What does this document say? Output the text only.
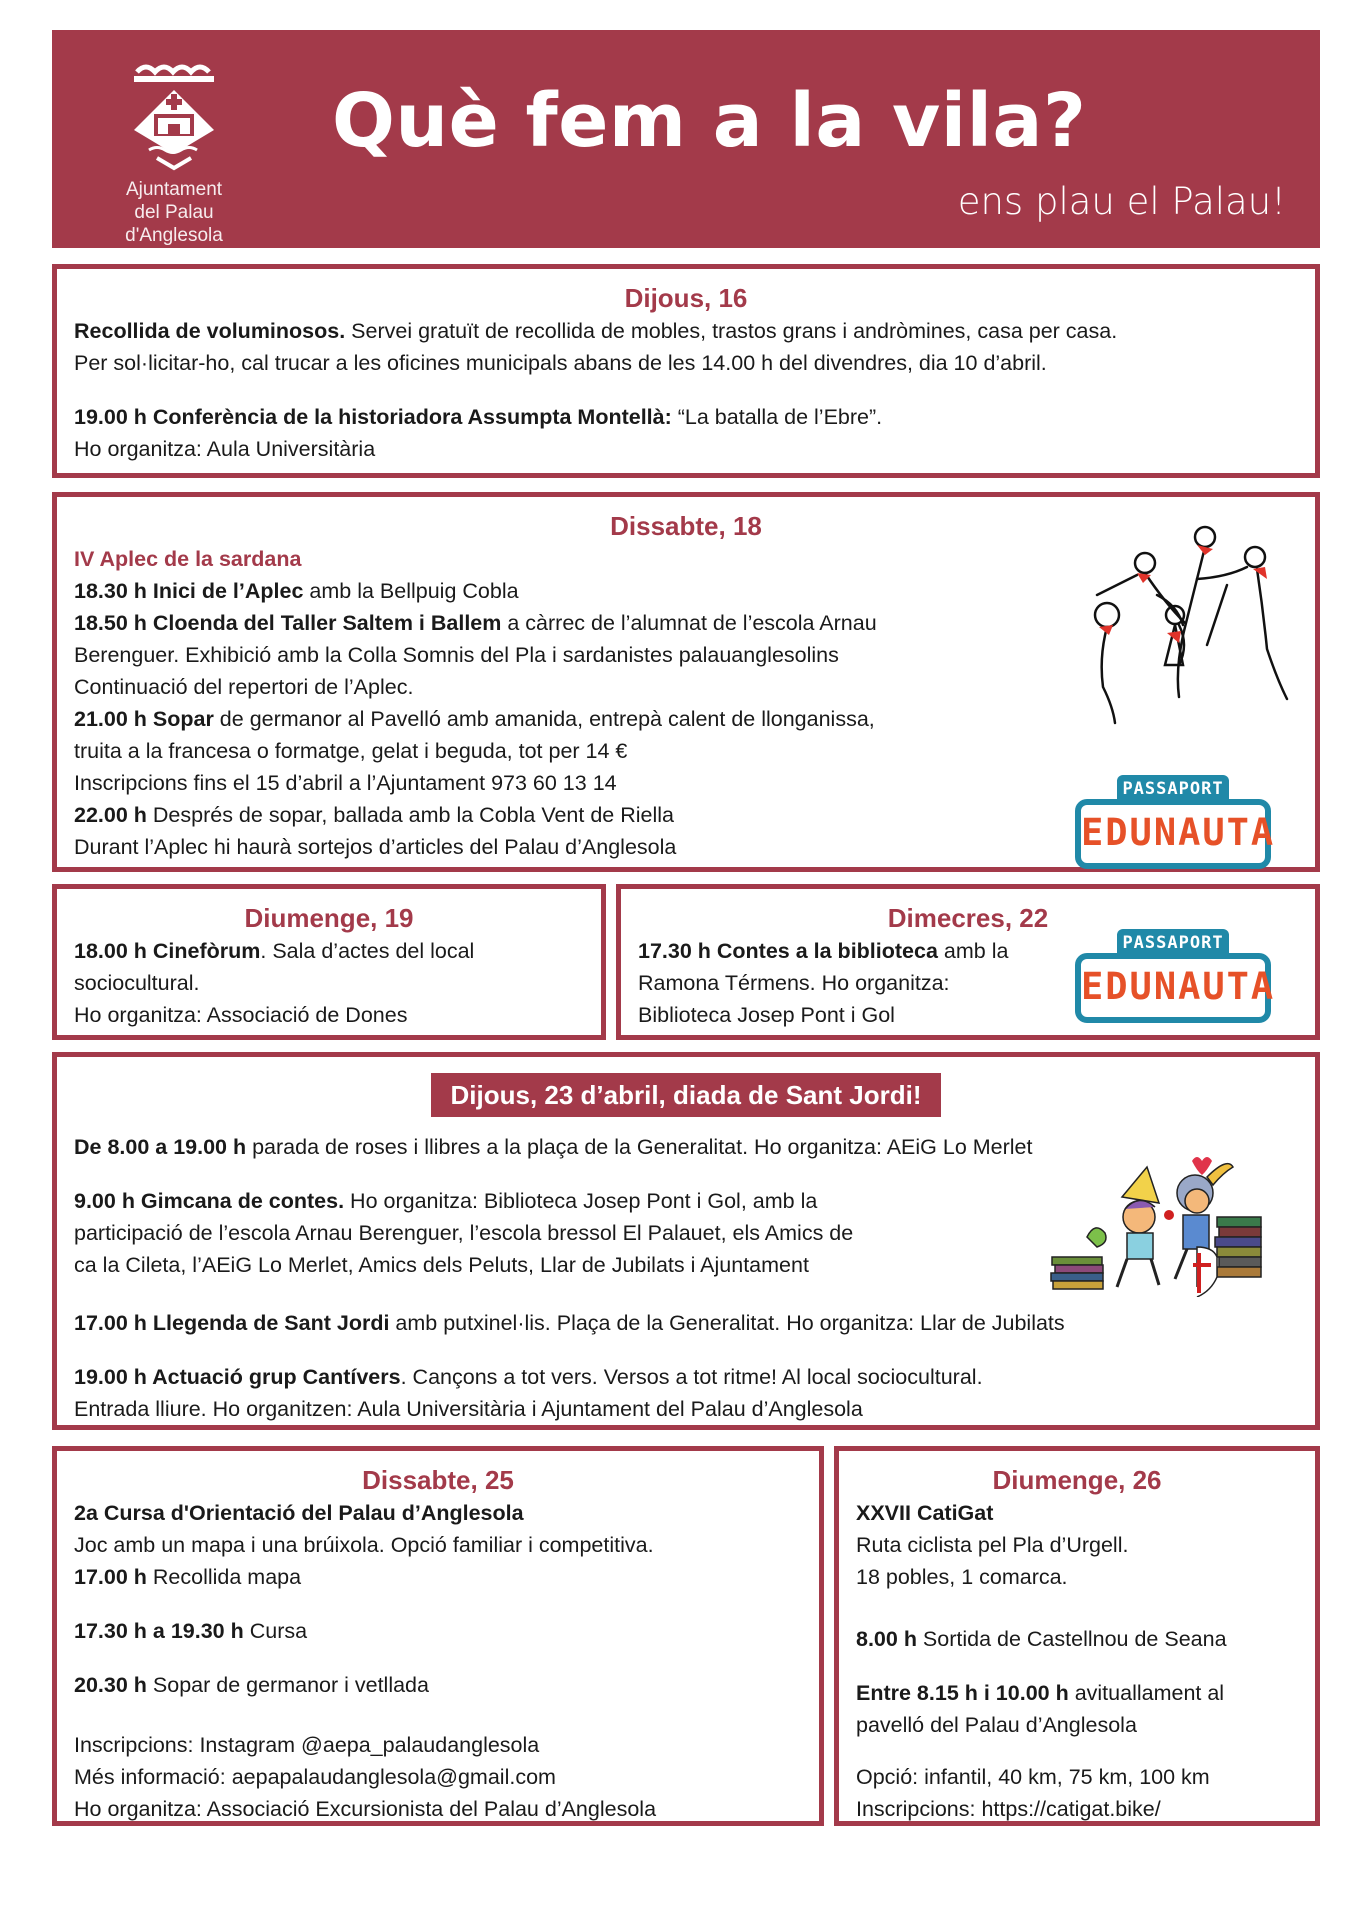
Ajuntament
del Palau d'Anglesola
Què fem a la vila?
ens plau el Palau!
Dijous, 16
Recollida de voluminosos. Servei gratuït de recollida de mobles, trastos grans i andròmines, casa per casa.
Per sol·licitar-ho, cal trucar a les oficines municipals abans de les 14.00 h del divendres, dia 10 d’abril.
19.00 h Conferència de la historiadora Assumpta Montellà: “La batalla de l’Ebre”.
Ho organitza: Aula Universitària
Dissabte, 18
IV Aplec de la sardana
18.30 h Inici de l’Aplec amb la Bellpuig Cobla
18.50 h Cloenda del Taller Saltem i Ballem a càrrec de l’alumnat de l’escola Arnau
Berenguer. Exhibició amb la Colla Somnis del Pla i sardanistes palauanglesolins
Continuació del repertori de l’Aplec.
21.00 h Sopar de germanor al Pavelló amb amanida, entrepà calent de llonganissa,
truita a la francesa o formatge, gelat i beguda, tot per 14 €
Inscripcions fins el 15 d’abril a l’Ajuntament 973 60 13 14
22.00 h Després de sopar, ballada amb la Cobla Vent de Riella
Durant l’Aplec hi haurà sortejos d’articles del Palau d’Anglesola
PASSAPORT
EDUNAUTA
Diumenge, 19
18.00 h Cinefòrum. Sala d’actes del local
sociocultural.
Ho organitza: Associació de Dones
Dimecres, 22
17.30 h Contes a la biblioteca amb la
Ramona Térmens. Ho organitza:
Biblioteca Josep Pont i Gol
PASSAPORT
EDUNAUTA
Dijous, 23 d’abril, diada de Sant Jordi!
De 8.00 a 19.00 h parada de roses i llibres a la plaça de la Generalitat. Ho organitza: AEiG Lo Merlet
9.00 h Gimcana de contes. Ho organitza: Biblioteca Josep Pont i Gol, amb la
participació de l’escola Arnau Berenguer, l’escola bressol El Palauet, els Amics de
ca la Cileta, l’AEiG Lo Merlet, Amics dels Peluts, Llar de Jubilats i Ajuntament
17.00 h Llegenda de Sant Jordi amb putxinel·lis. Plaça de la Generalitat. Ho organitza: Llar de Jubilats
19.00 h Actuació grup Cantívers. Cançons a tot vers. Versos a tot ritme! Al local sociocultural.
Entrada lliure. Ho organitzen: Aula Universitària i Ajuntament del Palau d’Anglesola
Dissabte, 25
2a Cursa d'Orientació del Palau d’Anglesola
Joc amb un mapa i una brúixola. Opció familiar i competitiva.
17.00 h Recollida mapa
17.30 h a 19.30 h Cursa
20.30 h Sopar de germanor i vetllada
Inscripcions: Instagram @aepa_palaudanglesola
Més informació: aepapalaudanglesola@gmail.com
Ho organitza: Associació Excursionista del Palau d’Anglesola
Diumenge, 26
XXVII CatiGat
Ruta ciclista pel Pla d’Urgell.
18 pobles, 1 comarca.
8.00 h Sortida de Castellnou de Seana
Entre 8.15 h i 10.00 h avituallament al
pavelló del Palau d’Anglesola
Opció: infantil, 40 km, 75 km, 100 km
Inscripcions: https://catigat.bike/
